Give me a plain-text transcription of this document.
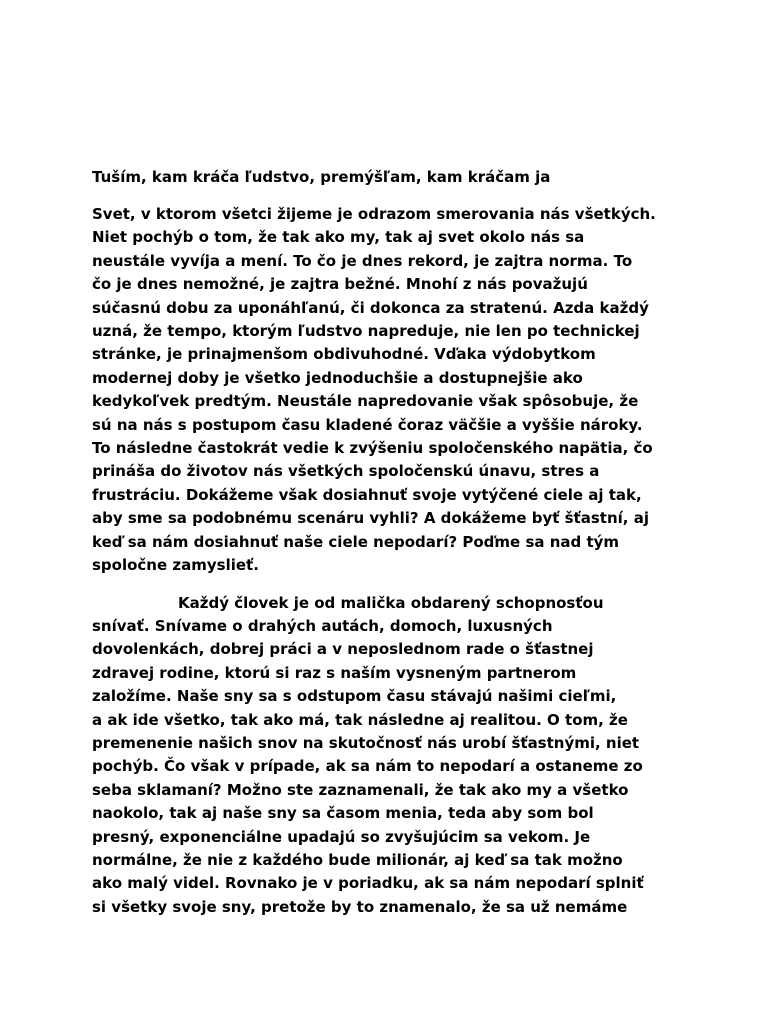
Tuším, kam kráča ľudstvo, premýšľam, kam kráčam ja

Svet, v ktorom všetci žijeme je odrazom smerovania nás všetkých.
Niet pochýb o tom, že tak ako my, tak aj svet okolo nás sa
neustále vyvíja a mení. To čo je dnes rekord, je zajtra norma. To
čo je dnes nemožné, je zajtra bežné. Mnohí z nás považujú
súčasnú dobu za uponáhľanú, či dokonca za stratenú. Azda každý
uzná, že tempo, ktorým ľudstvo napreduje, nie len po technickej
stránke, je prinajmenšom obdivuhodné. Vďaka výdobytkom
modernej doby je všetko jednoduchšie a dostupnejšie ako
kedykoľvek predtým. Neustále napredovanie však spôsobuje, že
sú na nás s postupom času kladené čoraz väčšie a vyššie nároky.
To následne častokrát vedie k zvýšeniu spoločenského napätia, čo
prináša do životov nás všetkých spoločenskú únavu, stres a
frustráciu. Dokážeme však dosiahnuť svoje vytýčené ciele aj tak,
aby sme sa podobnému scenáru vyhli? A dokážeme byť šťastní, aj
keď sa nám dosiahnuť naše ciele nepodarí? Poďme sa nad tým
spoločne zamyslieť.

Každý človek je od malička obdarený schopnosťou
snívať. Snívame o drahých autách, domoch, luxusných
dovolenkách, dobrej práci a v neposlednom rade o šťastnej
zdravej rodine, ktorú si raz s naším vysneným partnerom
založíme. Naše sny sa s odstupom času stávajú našimi cieľmi,
a ak ide všetko, tak ako má, tak následne aj realitou. O tom, že
premenenie našich snov na skutočnosť nás urobí šťastnými, niet
pochýb. Čo však v prípade, ak sa nám to nepodarí a ostaneme zo
seba sklamaní? Možno ste zaznamenali, že tak ako my a všetko
naokolo, tak aj naše sny sa časom menia, teda aby som bol
presný, exponenciálne upadajú so zvyšujúcim sa vekom. Je
normálne, že nie z každého bude milionár, aj keď sa tak možno
ako malý videl. Rovnako je v poriadku, ak sa nám nepodarí splniť
si všetky svoje sny, pretože by to znamenalo, že sa už nemáme
